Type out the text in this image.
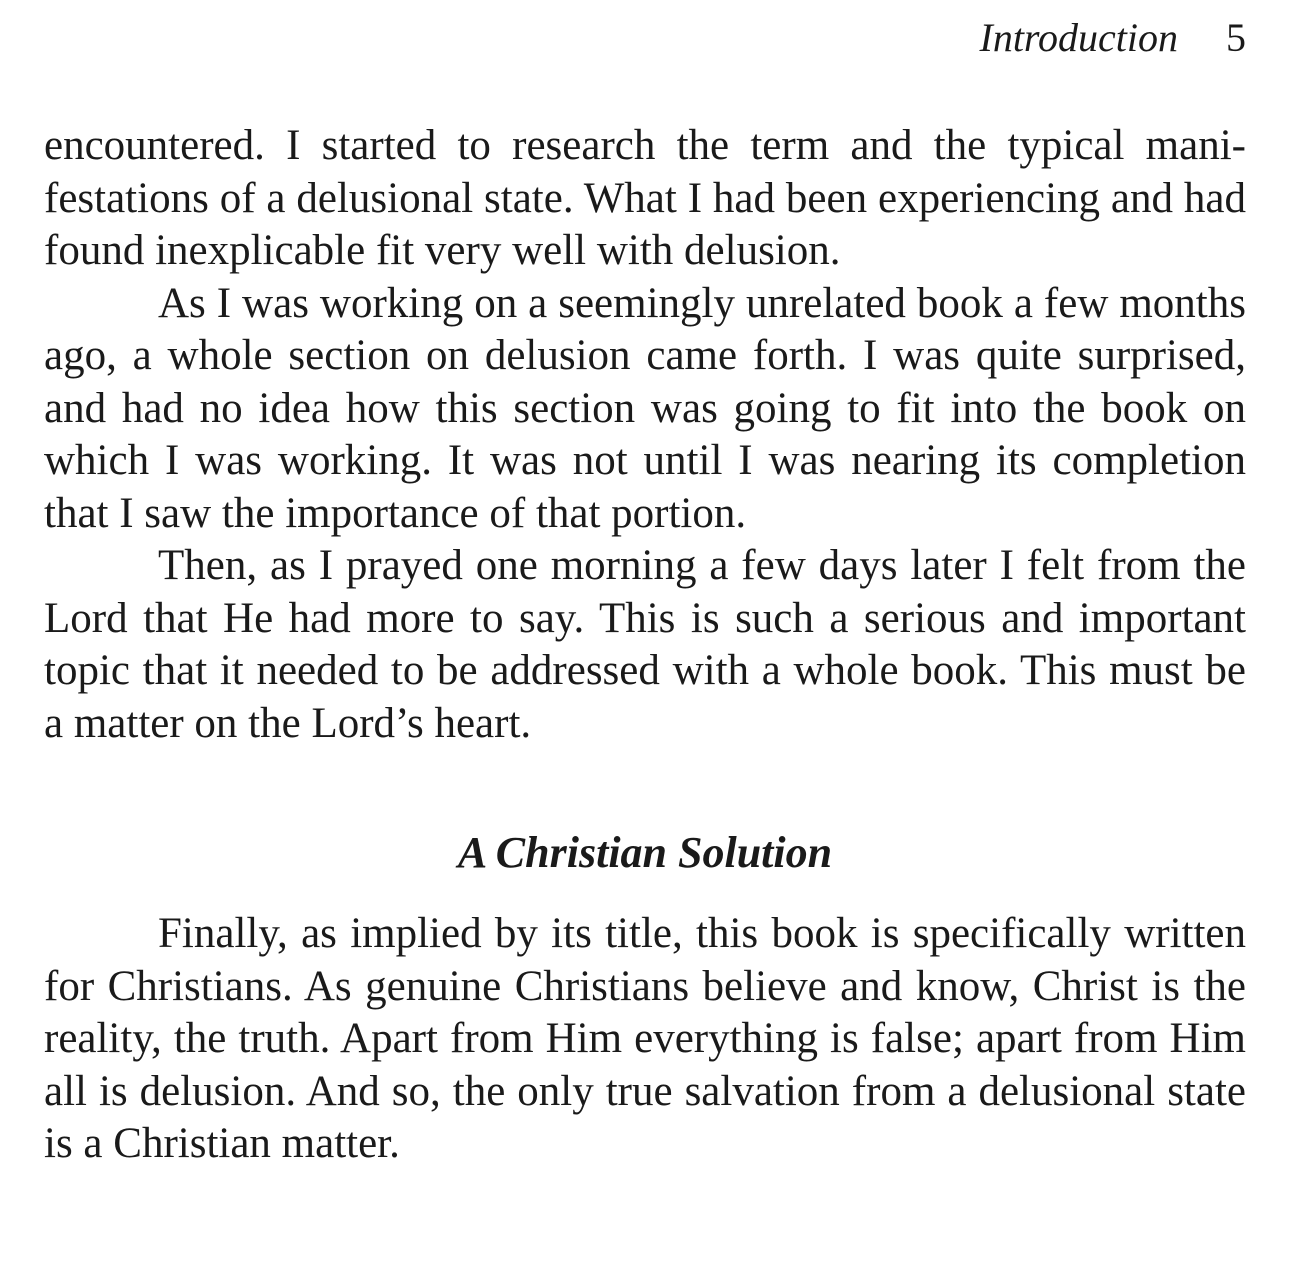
Introduction 5

encountered. I started to research the term and the typical manifestations of a delusional state. What I had been experiencing and had found inexplicable fit very well with delusion.

As I was working on a seemingly unrelated book a few months ago, a whole section on delusion came forth. I was quite surprised, and had no idea how this section was going to fit into the book on which I was working. It was not until I was nearing its completion that I saw the importance of that portion.

Then, as I prayed one morning a few days later I felt from the Lord that He had more to say. This is such a serious and important topic that it needed to be addressed with a whole book. This must be a matter on the Lord’s heart.

A Christian Solution

Finally, as implied by its title, this book is specifically written for Christians. As genuine Christians believe and know, Christ is the reality, the truth. Apart from Him everything is false; apart from Him all is delusion. And so, the only true salvation from a delusional state is a Christian matter.
